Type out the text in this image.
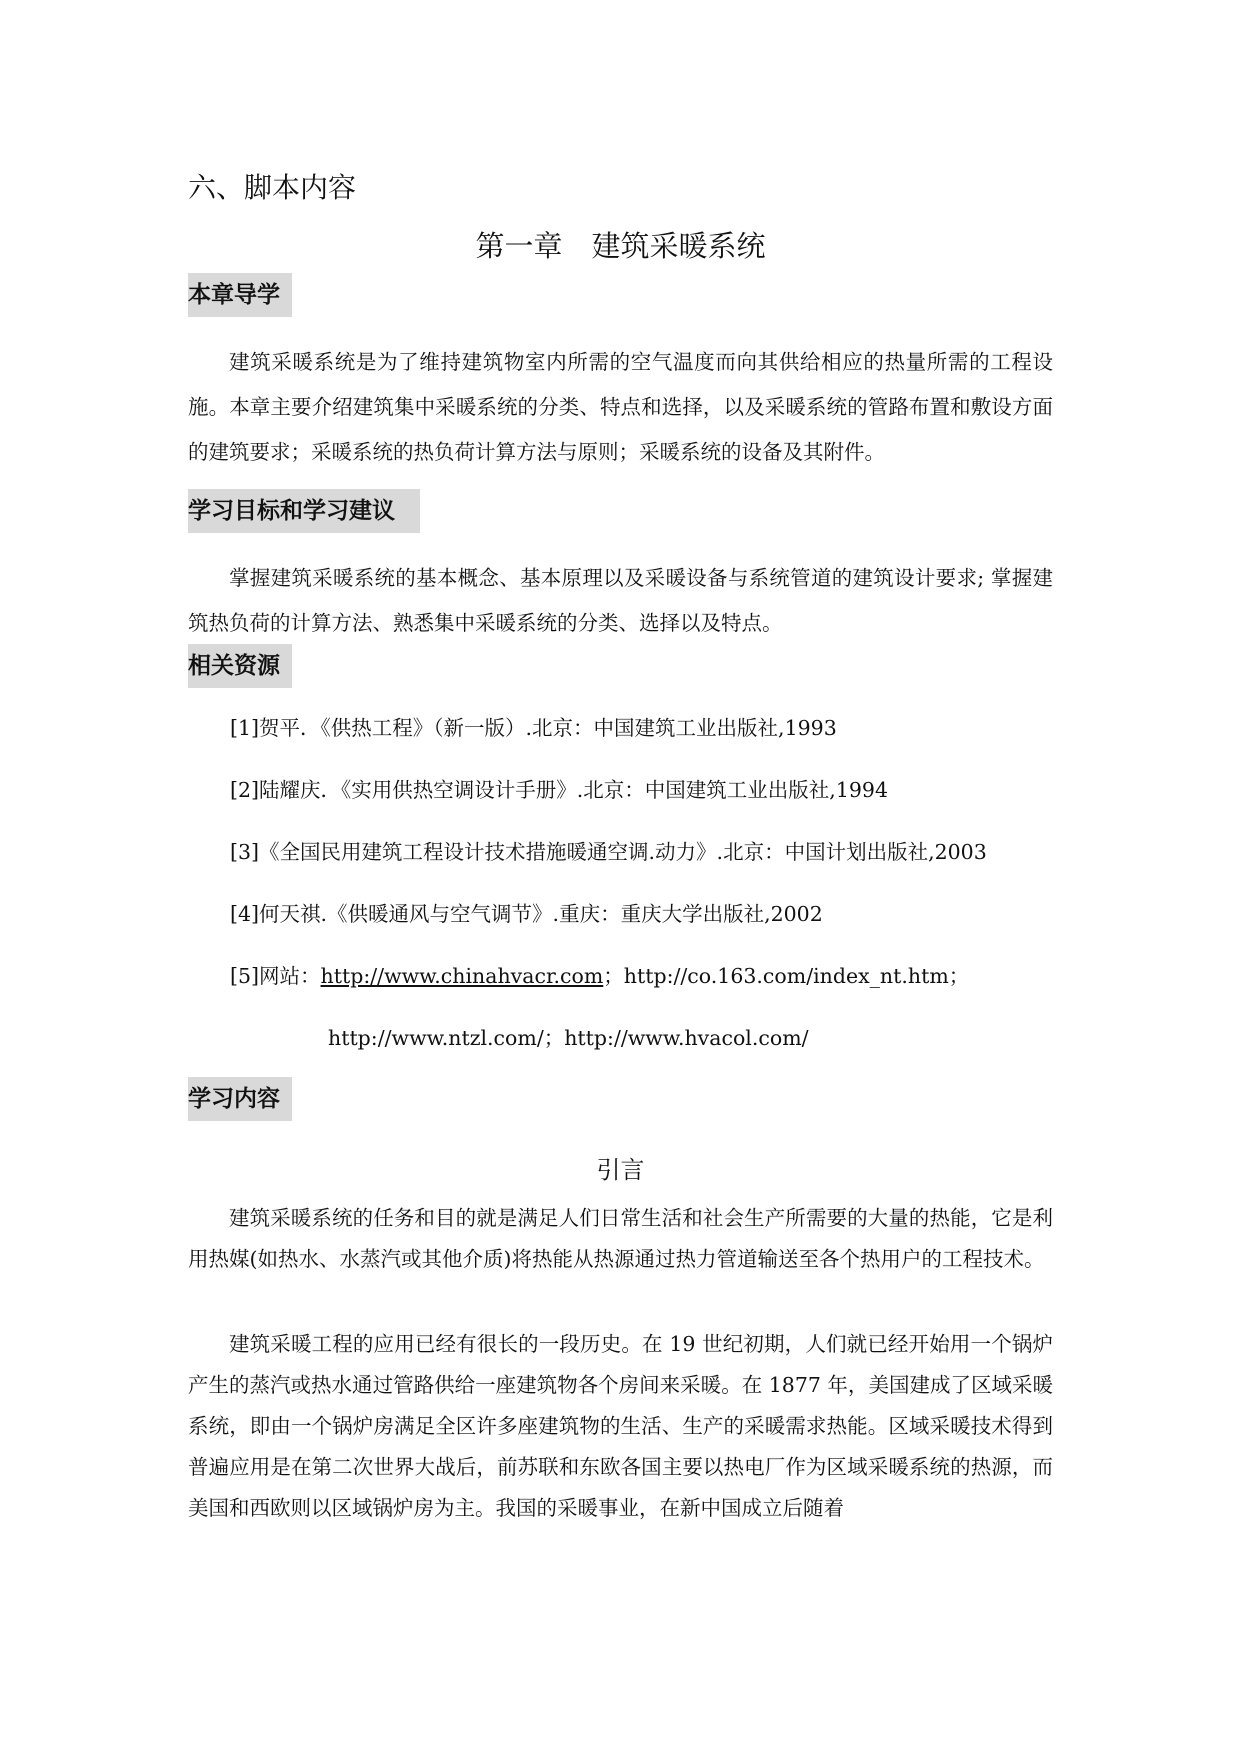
六、脚本内容
第一章　建筑采暖系统
本章导学
建筑采暖系统是为了维持建筑物室内所需的空气温度而向其供给相应的热量所需的工程设施。本章主要介绍建筑集中采暖系统的分类、特点和选择，以及采暖系统的管路布置和敷设方面的建筑要求；采暖系统的热负荷计算方法与原则；采暖系统的设备及其附件。
学习目标和学习建议
掌握建筑采暖系统的基本概念、基本原理以及采暖设备与系统管道的建筑设计要求; 掌握建筑热负荷的计算方法、熟悉集中采暖系统的分类、选择以及特点。
相关资源
[1]贺平．《供热工程》（新一版）.北京：中国建筑工业出版社,1993
[2]陆耀庆．《实用供热空调设计手册》.北京：中国建筑工业出版社,1994
[3]《全国民用建筑工程设计技术措施暖通空调.动力》.北京：中国计划出版社,2003
[4]何天祺.《供暖通风与空气调节》.重庆：重庆大学出版社,2002
[5]网站：http://www.chinahvacr.com；http://co.163.com/index_nt.htm；
http://www.ntzl.com/；http://www.hvacol.com/
学习内容
引言
建筑采暖系统的任务和目的就是满足人们日常生活和社会生产所需要的大量的热能，它是利用热媒(如热水、水蒸汽或其他介质)将热能从热源通过热力管道输送至各个热用户的工程技术。
建筑采暖工程的应用已经有很长的一段历史。在 19 世纪初期，人们就已经开始用一个锅炉产生的蒸汽或热水通过管路供给一座建筑物各个房间来采暖。在 1877 年，美国建成了区域采暖系统，即由一个锅炉房满足全区许多座建筑物的生活、生产的采暖需求热能。区域采暖技术得到普遍应用是在第二次世界大战后，前苏联和东欧各国主要以热电厂作为区域采暖系统的热源，而美国和西欧则以区域锅炉房为主。我国的采暖事业，在新中国成立后随着
